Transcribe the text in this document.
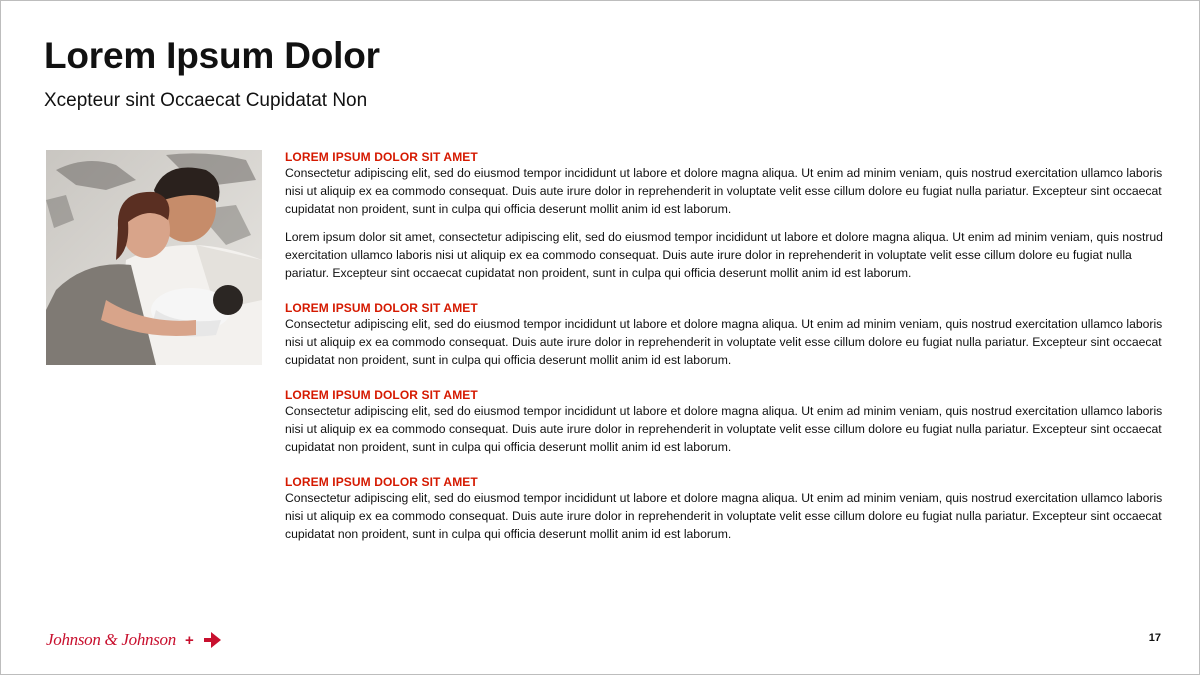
Lorem Ipsum Dolor

Xcepteur sint Occaecat Cupidatat Non

LOREM IPSUM DOLOR SIT AMET

Consectetur adipiscing elit, sed do eiusmod tempor incididunt ut labore et dolore magna aliqua. Ut enim ad minim veniam, quis nostrud exercitation ullamco laboris nisi ut aliquip ex ea commodo consequat. Duis aute irure dolor in reprehenderit in voluptate velit esse cillum dolore eu fugiat nulla pariatur. Excepteur sint occaecat cupidatat non proident, sunt in culpa qui officia deserunt mollit anim id est laborum.

Lorem ipsum dolor sit amet, consectetur adipiscing elit, sed do eiusmod tempor incididunt ut labore et dolore magna aliqua. Ut enim ad minim veniam, quis nostrud exercitation ullamco laboris nisi ut aliquip ex ea commodo consequat. Duis aute irure dolor in reprehenderit in voluptate velit esse cillum dolore eu fugiat nulla pariatur. Excepteur sint occaecat cupidatat non proident, sunt in culpa qui officia deserunt mollit anim id est laborum.

LOREM IPSUM DOLOR SIT AMET

Consectetur adipiscing elit, sed do eiusmod tempor incididunt ut labore et dolore magna aliqua. Ut enim ad minim veniam, quis nostrud exercitation ullamco laboris nisi ut aliquip ex ea commodo consequat. Duis aute irure dolor in reprehenderit in voluptate velit esse cillum dolore eu fugiat nulla pariatur. Excepteur sint occaecat cupidatat non proident, sunt in culpa qui officia deserunt mollit anim id est laborum.

LOREM IPSUM DOLOR SIT AMET

Consectetur adipiscing elit, sed do eiusmod tempor incididunt ut labore et dolore magna aliqua. Ut enim ad minim veniam, quis nostrud exercitation ullamco laboris nisi ut aliquip ex ea commodo consequat. Duis aute irure dolor in reprehenderit in voluptate velit esse cillum dolore eu fugiat nulla pariatur. Excepteur sint occaecat cupidatat non proident, sunt in culpa qui officia deserunt mollit anim id est laborum.

LOREM IPSUM DOLOR SIT AMET

Consectetur adipiscing elit, sed do eiusmod tempor incididunt ut labore et dolore magna aliqua. Ut enim ad minim veniam, quis nostrud exercitation ullamco laboris nisi ut aliquip ex ea commodo consequat. Duis aute irure dolor in reprehenderit in voluptate velit esse cillum dolore eu fugiat nulla pariatur. Excepteur sint occaecat cupidatat non proident, sunt in culpa qui officia deserunt mollit anim id est laborum.

Johnson & Johnson +	17
